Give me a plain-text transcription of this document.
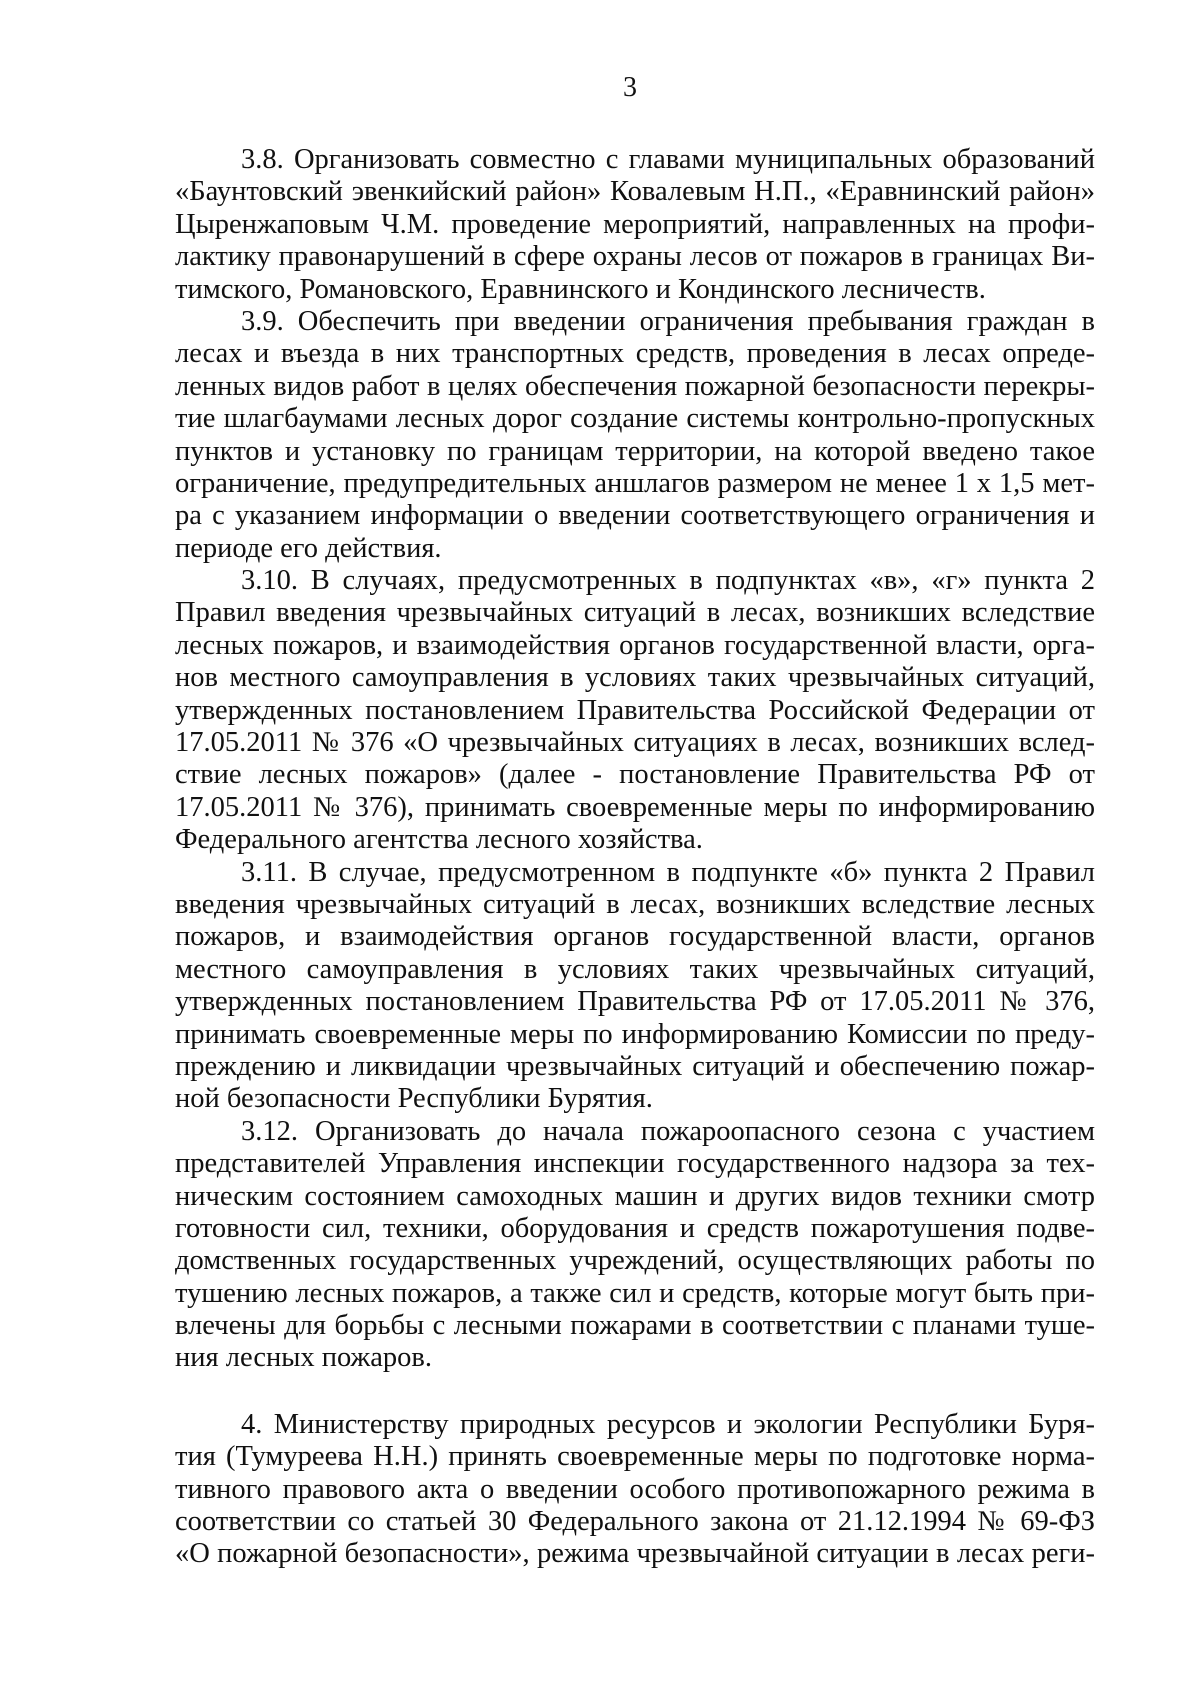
3
3.8. Организовать совместно с главами муниципальных образований
«Баунтовский эвенкийский район» Ковалевым Н.П., «Еравнинский район»
Цыренжаповым Ч.М. проведение мероприятий, направленных на профи-
лактику правонарушений в сфере охраны лесов от пожаров в границах Ви-
тимского, Романовского, Еравнинского и Кондинского лесничеств.
3.9. Обеспечить при введении ограничения пребывания граждан в
лесах и въезда в них транспортных средств, проведения в лесах опреде-
ленных видов работ в целях обеспечения пожарной безопасности перекры-
тие шлагбаумами лесных дорог создание системы контрольно-пропускных
пунктов и установку по границам территории, на которой введено такое
ограничение, предупредительных аншлагов размером не менее 1 х 1,5 мет-
ра с указанием информации о введении соответствующего ограничения и
периоде его действия.
3.10. В случаях, предусмотренных в подпунктах «в», «г» пункта 2
Правил введения чрезвычайных ситуаций в лесах, возникших вследствие
лесных пожаров, и взаимодействия органов государственной власти, орга-
нов местного самоуправления в условиях таких чрезвычайных ситуаций,
утвержденных постановлением Правительства Российской Федерации от
17.05.2011 № 376 «О чрезвычайных ситуациях в лесах, возникших вслед-
ствие лесных пожаров» (далее - постановление Правительства РФ от
17.05.2011 № 376), принимать своевременные меры по информированию
Федерального агентства лесного хозяйства.
3.11. В случае, предусмотренном в подпункте «б» пункта 2 Правил
введения чрезвычайных ситуаций в лесах, возникших вследствие лесных
пожаров, и взаимодействия органов государственной власти, органов
местного самоуправления в условиях таких чрезвычайных ситуаций,
утвержденных постановлением Правительства РФ от 17.05.2011 № 376,
принимать своевременные меры по информированию Комиссии по преду-
преждению и ликвидации чрезвычайных ситуаций и обеспечению пожар-
ной безопасности Республики Бурятия.
3.12. Организовать до начала пожароопасного сезона с участием
представителей Управления инспекции государственного надзора за тех-
ническим состоянием самоходных машин и других видов техники смотр
готовности сил, техники, оборудования и средств пожаротушения подве-
домственных государственных учреждений, осуществляющих работы по
тушению лесных пожаров, а также сил и средств, которые могут быть при-
влечены для борьбы с лесными пожарами в соответствии с планами туше-
ния лесных пожаров.
4. Министерству природных ресурсов и экологии Республики Буря-
тия (Тумуреева Н.Н.) принять своевременные меры по подготовке норма-
тивного правового акта о введении особого противопожарного режима в
соответствии со статьей 30 Федерального закона от 21.12.1994 № 69-ФЗ
«О пожарной безопасности», режима чрезвычайной ситуации в лесах реги-
